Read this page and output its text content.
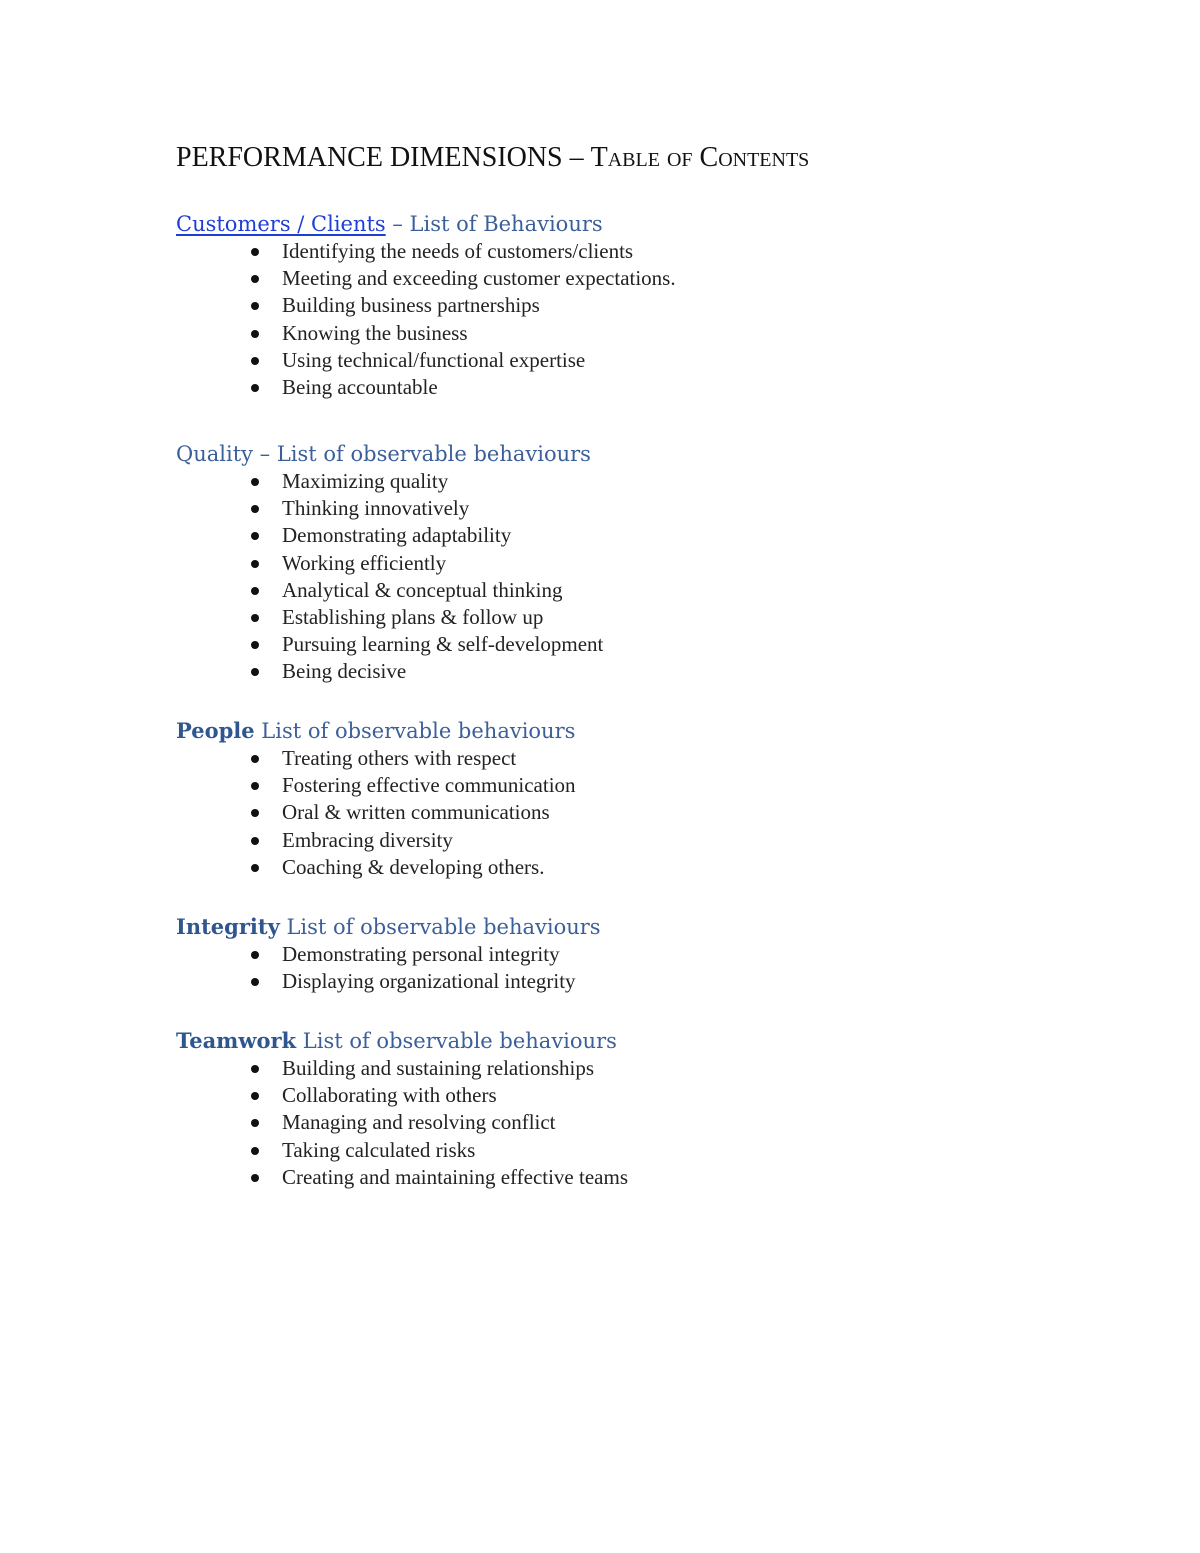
PERFORMANCE DIMENSIONS – Table of Contents
Customers / Clients – List of Behaviours
Identifying the needs of customers/clients
Meeting and exceeding customer expectations.
Building business partnerships
Knowing the business
Using technical/functional expertise
Being accountable
Quality – List of observable behaviours
Maximizing quality
Thinking innovatively
Demonstrating adaptability
Working efficiently
Analytical & conceptual thinking
Establishing plans & follow up
Pursuing learning & self-development
Being decisive
People List of observable behaviours
Treating others with respect
Fostering effective communication
Oral & written communications
Embracing diversity
Coaching & developing others.
Integrity List of observable behaviours
Demonstrating personal integrity
Displaying organizational integrity
Teamwork List of observable behaviours
Building and sustaining relationships
Collaborating with others
Managing and resolving conflict
Taking calculated risks
Creating and maintaining effective teams
